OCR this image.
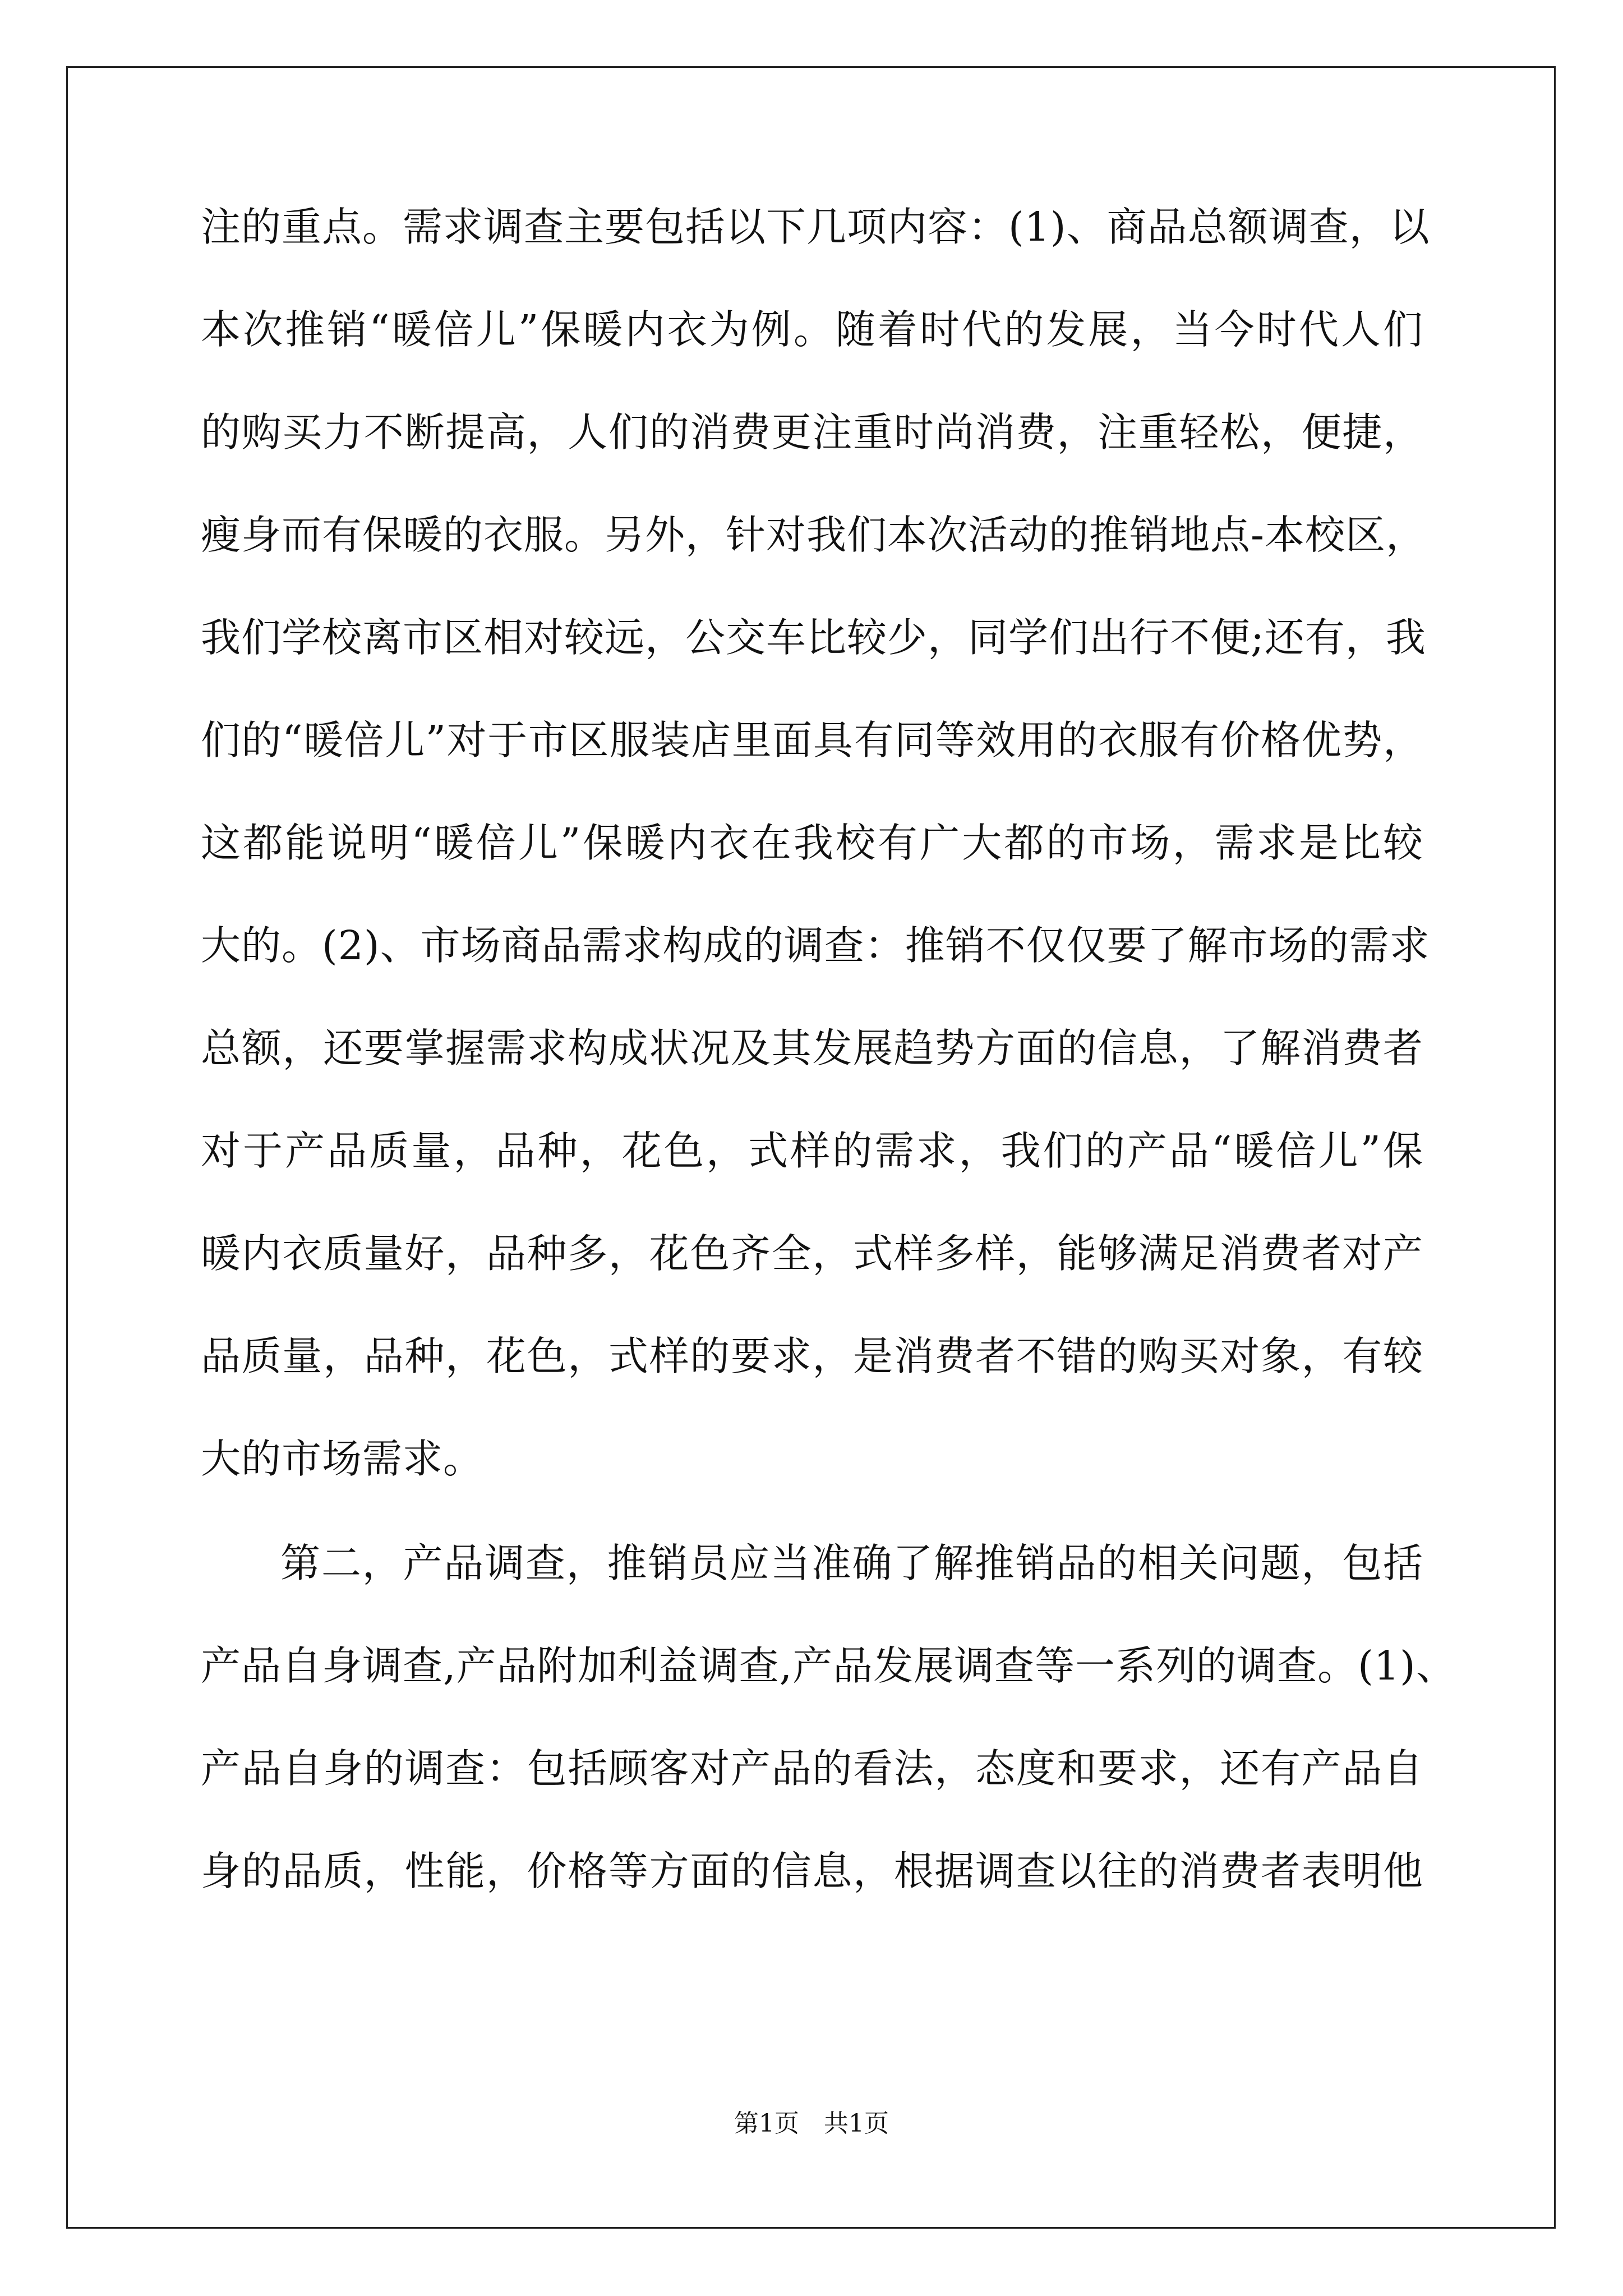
注的重点。需求调查主要包括以下几项内容：(1)、商品总额调查，以
本次推销“暖倍儿”保暖内衣为例。随着时代的发展，当今时代人们
的购买力不断提高，人们的消费更注重时尚消费，注重轻松，便捷，
瘦身而有保暖的衣服。另外，针对我们本次活动的推销地点-本校区，
我们学校离市区相对较远，公交车比较少，同学们出行不便;还有，我
们的“暖倍儿”对于市区服装店里面具有同等效用的衣服有价格优势，
这都能说明“暖倍儿”保暖内衣在我校有广大都的市场，需求是比较
大的。(2)、市场商品需求构成的调查：推销不仅仅要了解市场的需求
总额，还要掌握需求构成状况及其发展趋势方面的信息，了解消费者
对于产品质量，品种，花色，式样的需求，我们的产品“暖倍儿”保
暖内衣质量好，品种多，花色齐全，式样多样，能够满足消费者对产
品质量，品种，花色，式样的要求，是消费者不错的购买对象，有较
大的市场需求。
第二，产品调查，推销员应当准确了解推销品的相关问题，包括
产品自身调查,产品附加利益调查,产品发展调查等一系列的调查。(1)、
产品自身的调查：包括顾客对产品的看法，态度和要求，还有产品自
身的品质，性能，价格等方面的信息，根据调查以往的消费者表明他
第1页 共1页
